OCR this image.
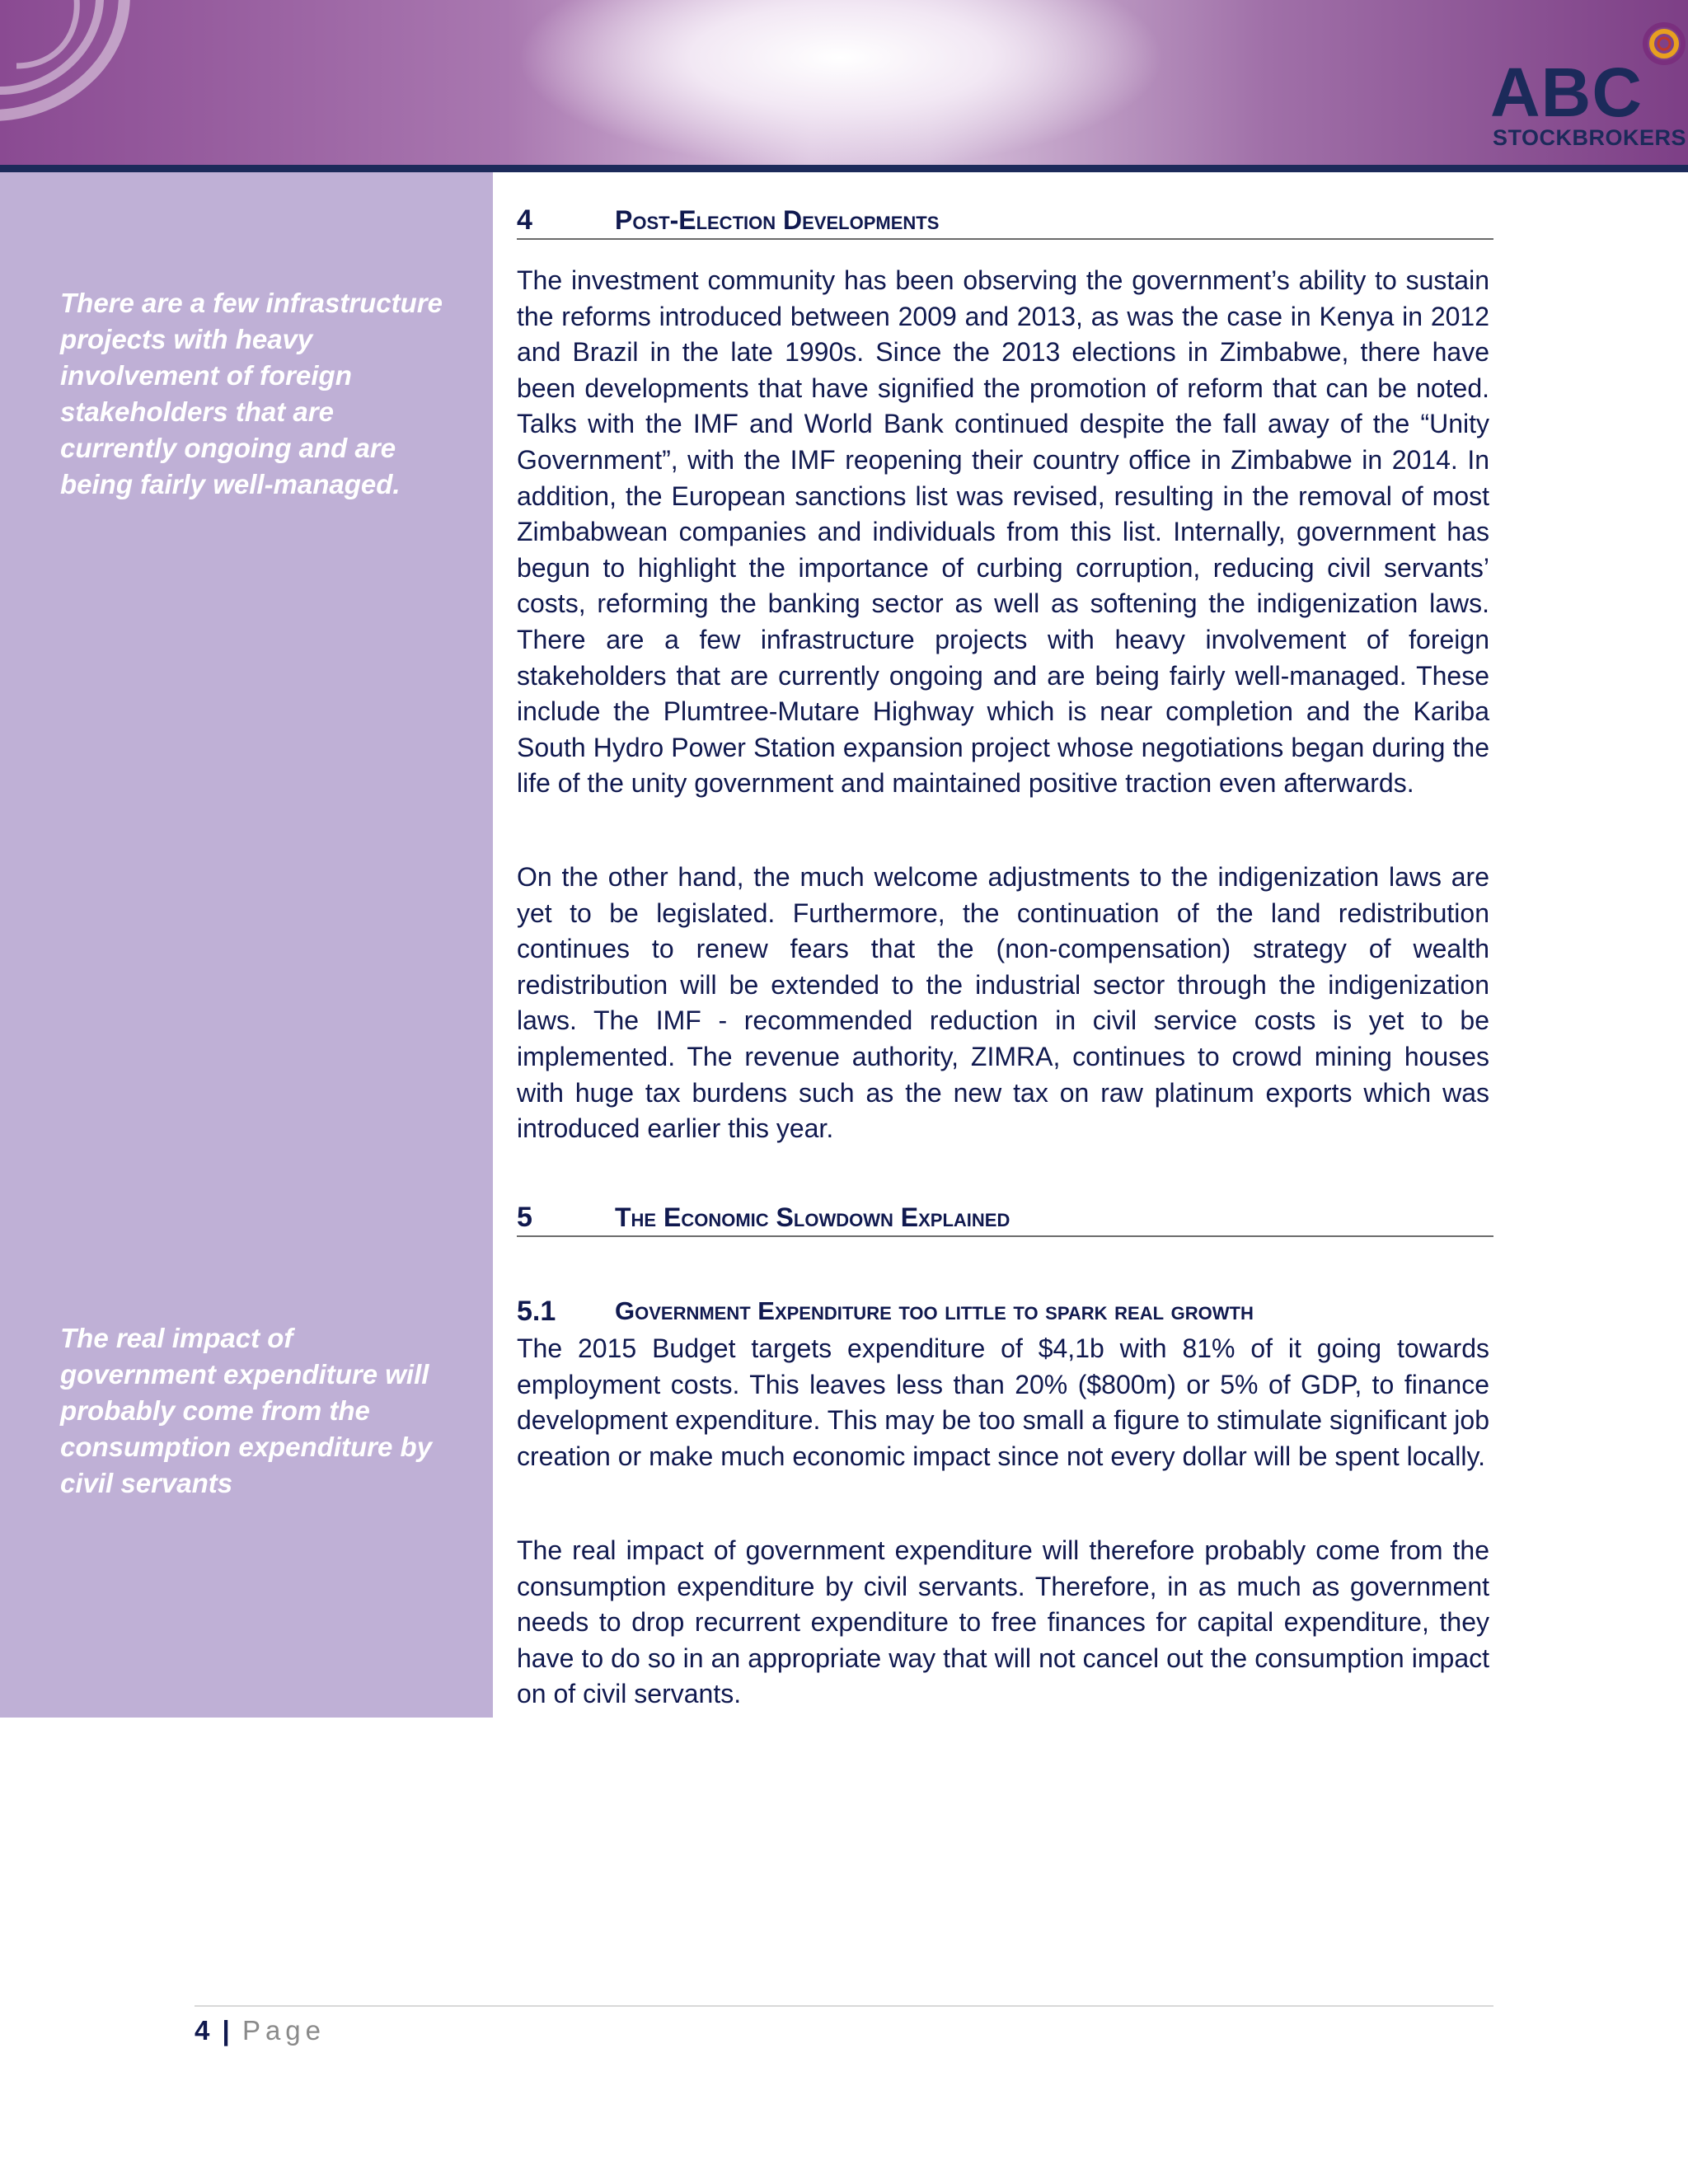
ABC
STOCKBROKERS

There are a few infrastructure projects with heavy involvement of foreign stakeholders that are currently ongoing and are being fairly well-managed.

The real impact of government expenditure will probably come from the consumption expenditure by civil servants

4	Post-Election Developments

The investment community has been observing the government’s ability to sustain the reforms introduced between 2009 and 2013, as was the case in Kenya in 2012 and Brazil in the late 1990s. Since the 2013 elections in Zimbabwe, there have been developments that have signified the promotion of reform that can be noted. Talks with the IMF and World Bank continued despite the fall away of the “Unity Government”, with the IMF reopening their country office in Zimbabwe in 2014. In addition, the European sanctions list was revised, resulting in the removal of most Zimbabwean companies and individuals from this list. Internally, government has begun to highlight the importance of curbing corruption, reducing civil servants’ costs, reforming the banking sector as well as softening the indigenization laws. There are a few infrastructure projects with heavy involvement of foreign stakeholders that are currently ongoing and are being fairly well-managed. These include the Plumtree-Mutare Highway which is near completion and the Kariba South Hydro Power Station expansion project whose negotiations began during the life of the unity government and maintained positive traction even afterwards.

On the other hand, the much welcome adjustments to the indigenization laws are yet to be legislated. Furthermore, the continuation of the land redistribution continues to renew fears that the (non-compensation) strategy of wealth redistribution will be extended to the industrial sector through the indigenization laws. The IMF - recommended reduction in civil service costs is yet to be implemented. The revenue authority, ZIMRA, continues to crowd mining houses with huge tax burdens such as the new tax on raw platinum exports which was introduced earlier this year.

5	The Economic Slowdown Explained
5.1 Government Expenditure too little to spark real growth

The 2015 Budget targets expenditure of $4,1b with 81% of it going towards employment costs. This leaves less than 20% ($800m) or 5% of GDP, to finance development expenditure. This may be too small a figure to stimulate significant job creation or make much economic impact since not every dollar will be spent locally.

The real impact of government expenditure will therefore probably come from the consumption expenditure by civil servants. Therefore, in as much as government needs to drop recurrent expenditure to free finances for capital expenditure, they have to do so in an appropriate way that will not cancel out the consumption impact on of civil servants.

4 | Page
